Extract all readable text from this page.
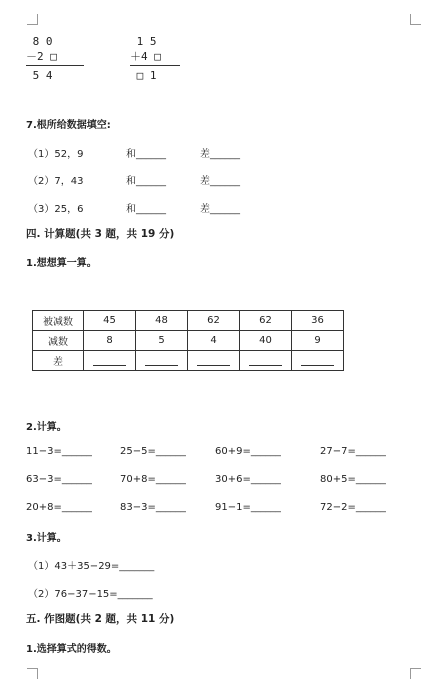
8 0
－2 □
5 4
1 5
＋4 □
□ 1
7.根所给数据填空:
（1）52，9	和______	差______
（2）7，43	和______	差______
（3）25，6	和______	差______
四. 计算题(共 3 题，共 19 分)
1.想想算一算。
被减数	45	48	62	62	36
减数	8	5	4	40	9
差					
2.计算。
11−3=______	25−5=______	60+9=______	27−7=______
63−3=______	70+8=______	30+6=______	80+5=______
20+8=______	83−3=______	91−1=______	72−2=______
3.计算。
（1）43＋35−29=_______
（2）76−37−15=_______
五. 作图题(共 2 题，共 11 分)
1.选择算式的得数。
